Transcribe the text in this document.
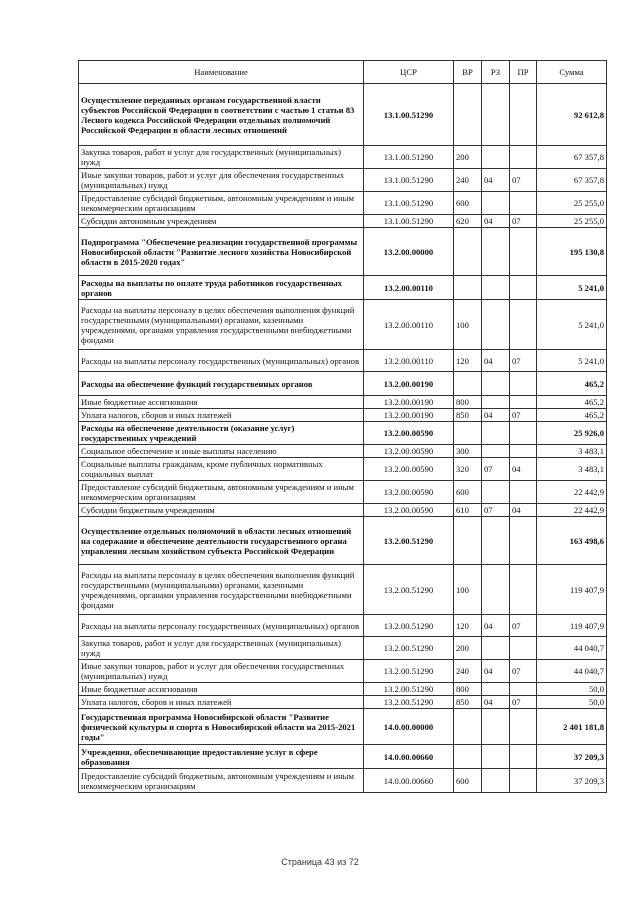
Наименование	ЦСР	ВР	РЗ	ПР	Сумма
Осуществление переданных органам государственной власти субъектов Российской Федерации в соответствии с частью 1 статьи 83 Лесного кодекса Российской Федерации отдельных полномочий Российской Федерации в области лесных отношений	13.1.00.51290				92 612,8
Закупка товаров, работ и услуг для государственных (муниципальных) нужд	13.1.00.51290	200			67 357,8
Иные закупки товаров, работ и услуг для обеспечения государственных (муниципальных) нужд	13.1.00.51290	240	04	07	67 357,8
Предоставление субсидий бюджетным, автономным учреждениям и иным некоммерческим организациям	13.1.00.51290	600			25 255,0
Субсидии автономным учреждениям	13.1.00.51290	620	04	07	25 255,0
Подпрограмма "Обеспечение реализации государственной программы Новосибирской области "Развитие лесного хозяйства Новосибирской области в 2015-2020 годах"	13.2.00.00000				195 130,8
Расходы на выплаты по оплате труда работников государственных органов	13.2.00.00110				5 241,0
Расходы на выплаты персоналу в целях обеспечения выполнения функций государственными (муниципальными) органами, казенными учреждениями, органами управления государственными внебюджетными фондами	13.2.00.00110	100			5 241,0
Расходы на выплаты персоналу государственных (муниципальных) органов	13.2.00.00110	120	04	07	5 241,0
Расходы на обеспечение функций государственных органов	13.2.00.00190				465,2
Иные бюджетные ассигнования	13.2.00.00190	800			465,2
Уплата налогов, сборов и иных платежей	13.2.00.00190	850	04	07	465,2
Расходы на обеспечение деятельности (оказание услуг) государственных учреждений	13.2.00.00590				25 926,0
Социальное обеспечение и иные выплаты населению	13.2.00.00590	300			3 483,1
Социальные выплаты гражданам, кроме публичных нормативных социальных выплат	13.2.00.00590	320	07	04	3 483,1
Предоставление субсидий бюджетным, автономным учреждениям и иным некоммерческим организациям	13.2.00.00590	600			22 442,9
Субсидии бюджетным учреждениям	13.2.00.00590	610	07	04	22 442,9
Осуществление отдельных полномочий в области лесных отношений на содержание и обеспечение деятельности государственного органа управления лесным хозяйством субъекта Российской Федерации	13.2.00.51290				163 498,6
Расходы на выплаты персоналу в целях обеспечения выполнения функций государственными (муниципальными) органами, казенными учреждениями, органами управления государственными внебюджетными фондами	13.2.00.51290	100			119 407,9
Расходы на выплаты персоналу государственных (муниципальных) органов	13.2.00.51290	120	04	07	119 407,9
Закупка товаров, работ и услуг для государственных (муниципальных) нужд	13.2.00.51290	200			44 040,7
Иные закупки товаров, работ и услуг для обеспечения государственных (муниципальных) нужд	13.2.00.51290	240	04	07	44 040,7
Иные бюджетные ассигнования	13.2.00.51290	800			50,0
Уплата налогов, сборов и иных платежей	13.2.00.51290	850	04	07	50,0
Государственная программа Новосибирской области "Развитие физической культуры и спорта в Новосибирской области на 2015-2021 годы"	14.0.00.00000				2 401 181,8
Учреждения, обеспечивающие предоставление услуг в сфере образования	14.0.00.00660				37 209,3
Предоставление субсидий бюджетным, автономным учреждениям и иным некоммерческим организациям	14.0.00.00660	600			37 209,3
Страница 43 из 72
